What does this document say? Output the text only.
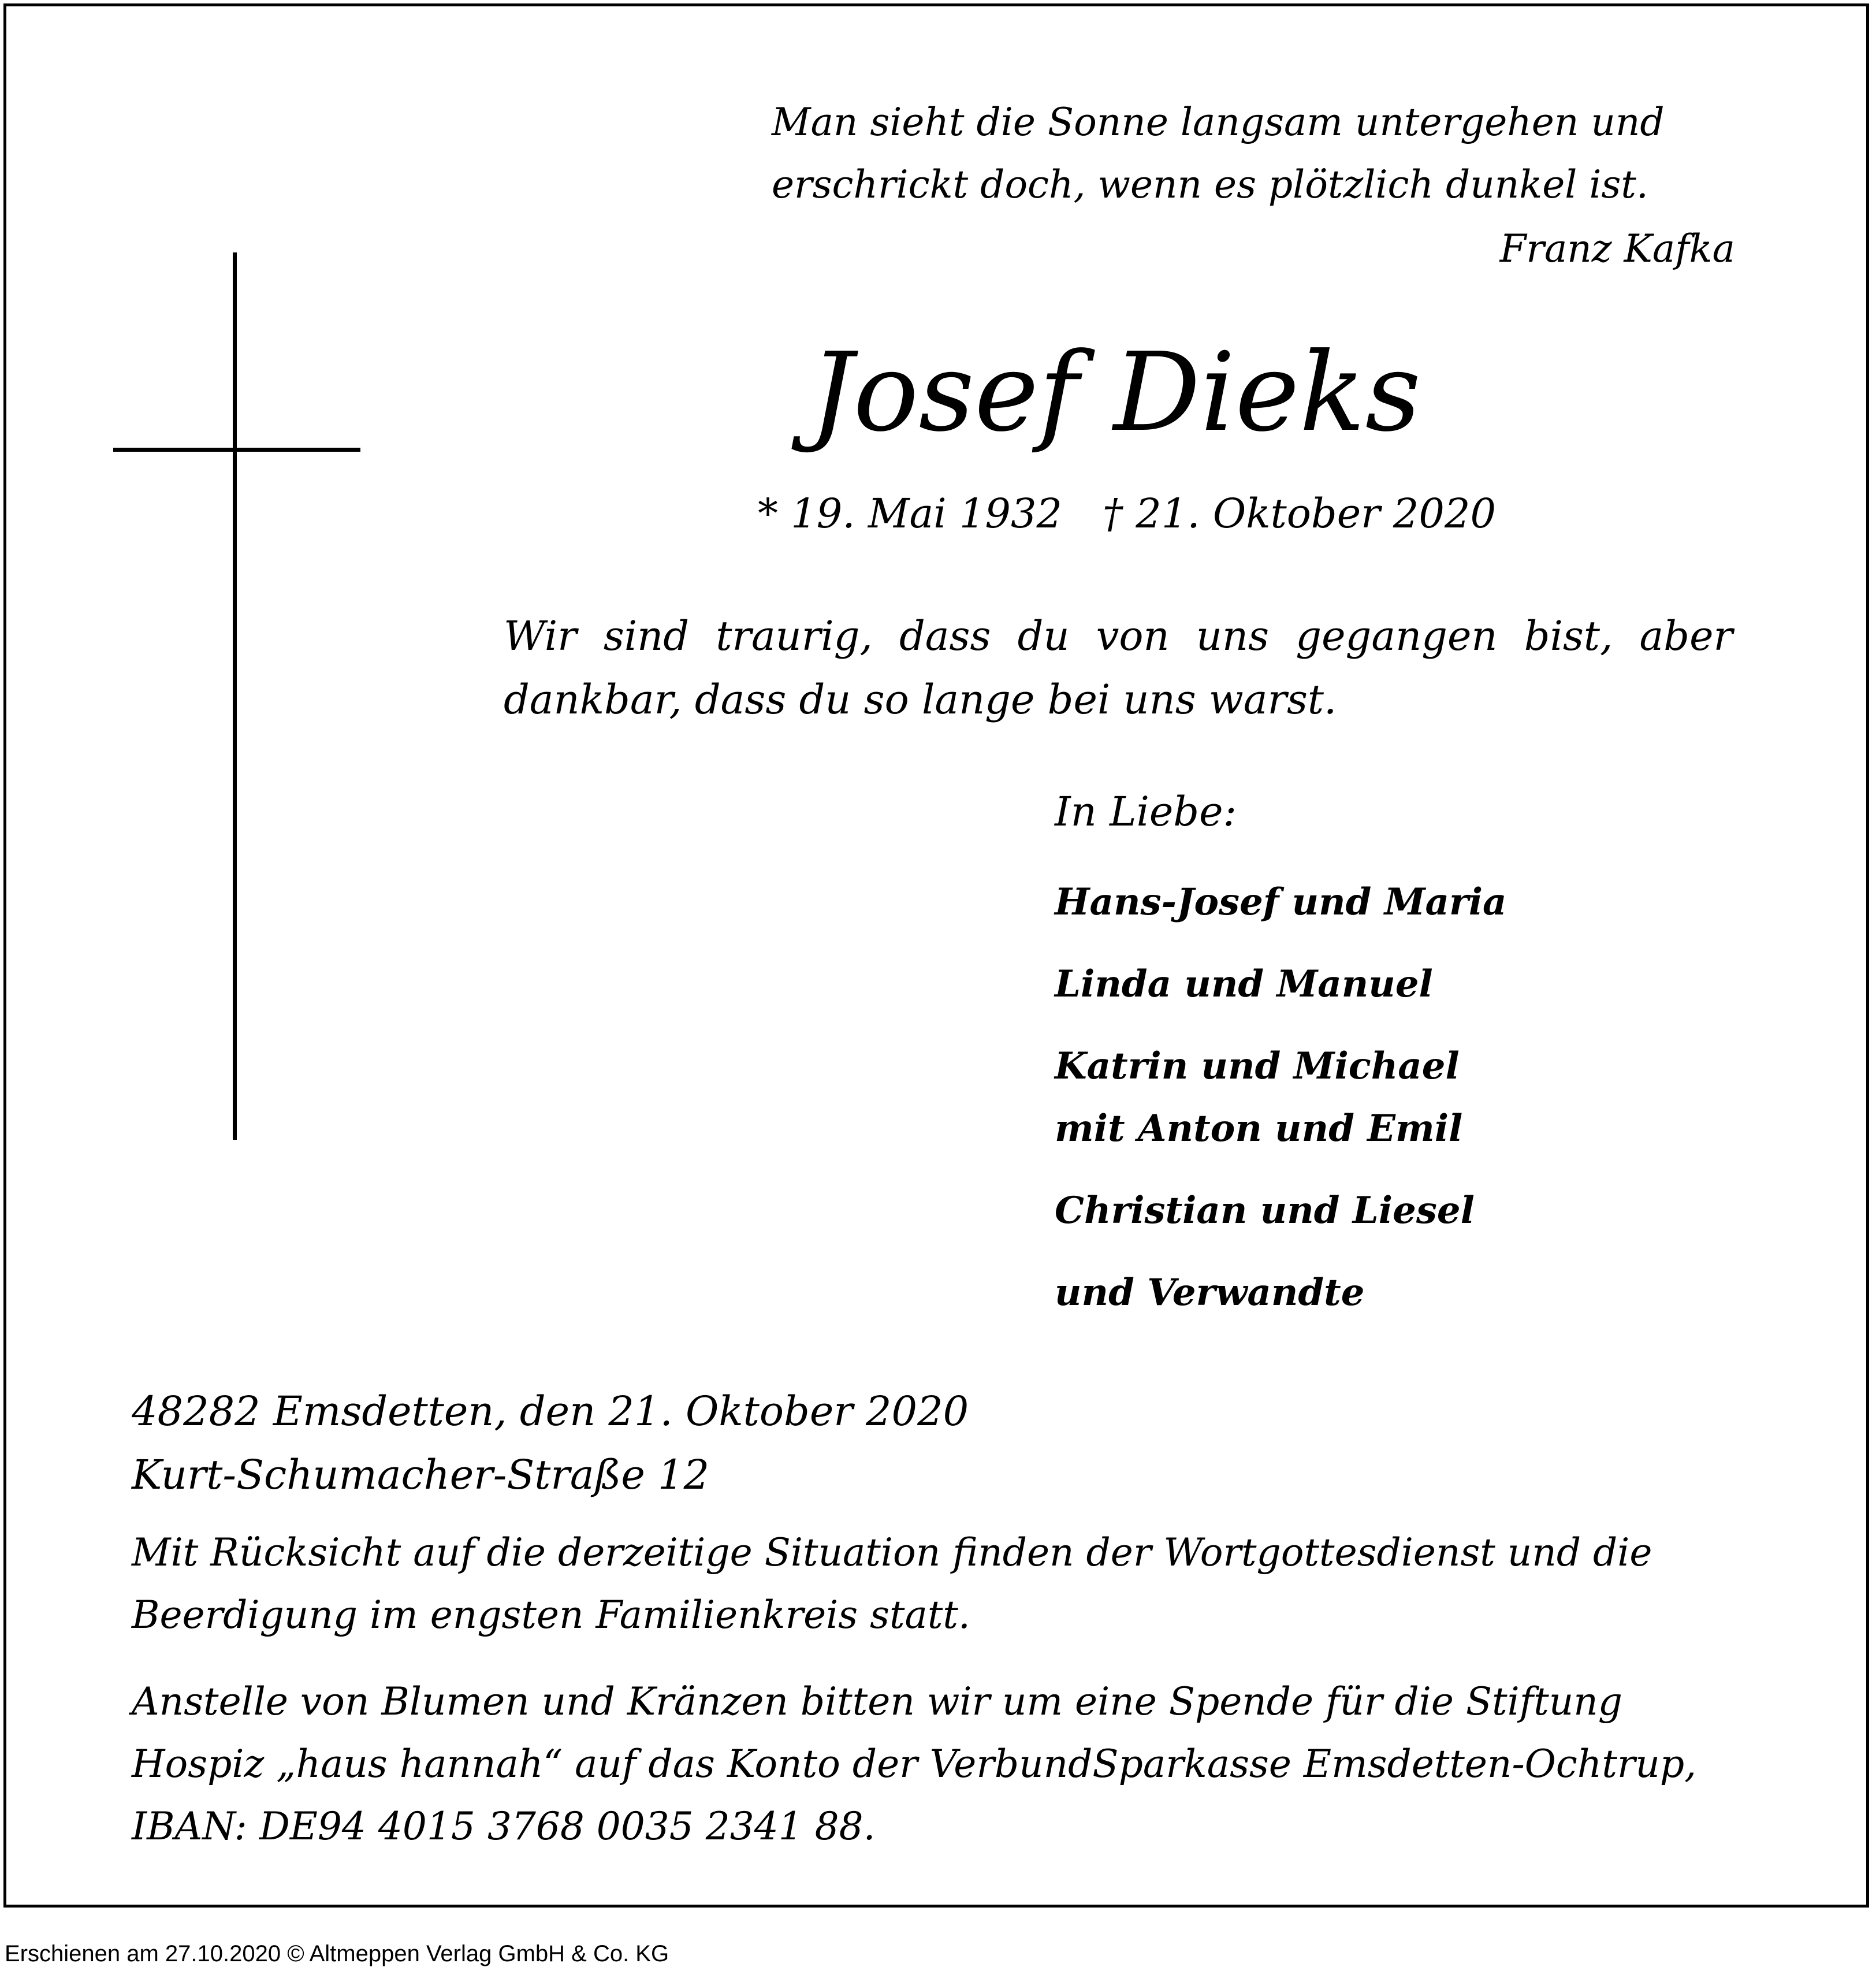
Man sieht die Sonne langsam untergehen und
erschrickt doch, wenn es plötzlich dunkel ist.
Franz Kafka
Josef Dieks
* 19. Mai 1932 † 21. Oktober 2020
Wir sind traurig, dass du von uns gegangen bist, aber dankbar, dass du so lange bei uns warst.
In Liebe:
Hans-Josef und Maria
Linda und Manuel
Katrin und Michael
mit Anton und Emil
Christian und Liesel
und Verwandte
48282 Emsdetten, den 21. Oktober 2020
Kurt-Schumacher-Straße 12
Mit Rücksicht auf die derzeitige Situation finden der Wortgottesdienst und die Beerdigung im engsten Familienkreis statt.
Anstelle von Blumen und Kränzen bitten wir um eine Spende für die Stiftung Hospiz „haus hannah“ auf das Konto der VerbundSparkasse Emsdetten-Ochtrup, IBAN: DE94 4015 3768 0035 2341 88.
Erschienen am 27.10.2020 © Altmeppen Verlag GmbH & Co. KG
